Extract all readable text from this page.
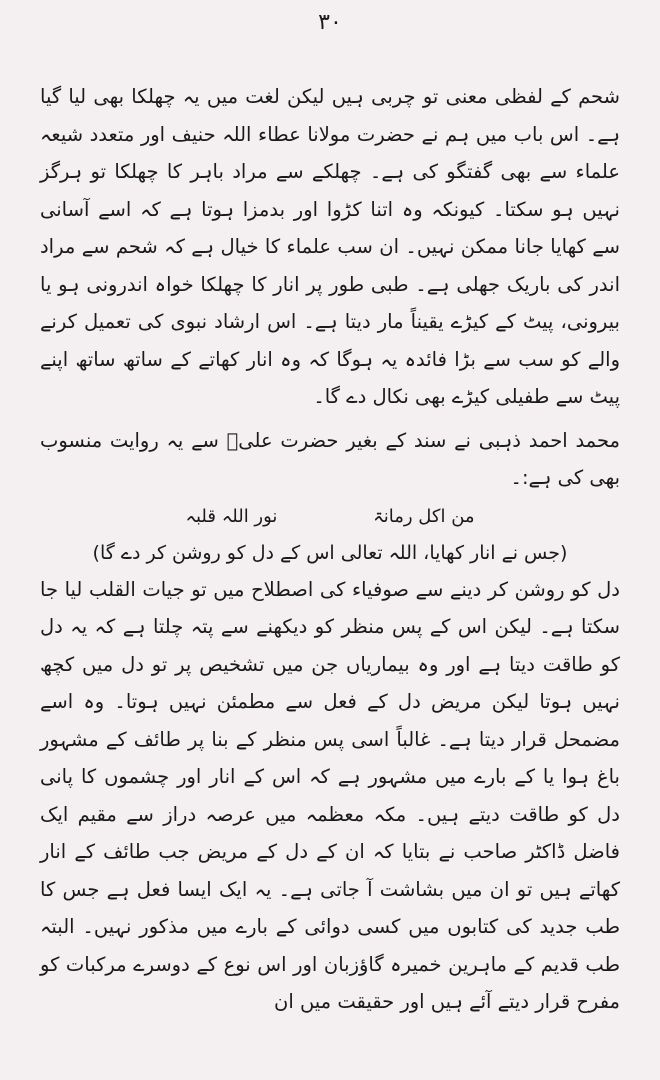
۳۰

شحم کے لفظی معنی تو چربی ہیں لیکن لغت میں یہ چھلکا بھی لیا گیا ہے۔ اس باب میں ہم نے حضرت مولانا عطاء اللہ حنیف اور متعدد شیعہ علماء سے بھی گفتگو کی ہے۔ چھلکے سے مراد باہر کا چھلکا تو ہرگز نہیں ہو سکتا۔ کیونکہ وہ اتنا کڑوا اور بدمزا ہوتا ہے کہ اسے آسانی سے کھایا جانا ممکن نہیں۔ ان سب علماء کا خیال ہے کہ شحم سے مراد اندر کی باریک جھلی ہے۔ طبی طور پر انار کا چھلکا خواہ اندرونی ہو یا بیرونی، پیٹ کے کیڑے یقیناً مار دیتا ہے۔ اس ارشاد نبوی کی تعمیل کرنے والے کو سب سے بڑا فائدہ یہ ہوگا کہ وہ انار کھاتے کے ساتھ ساتھ اپنے پیٹ سے طفیلی کیڑے بھی نکال دے گا۔

محمد احمد ذہبی نے سند کے بغیر حضرت علیؓ سے یہ روایت منسوب بھی کی ہے:۔

من اکل رمانۃ نور اللہ قلبہ

(جس نے انار کھایا، اللہ تعالی اس کے دل کو روشن کر دے گا)

دل کو روشن کر دینے سے صوفیاء کی اصطلاح میں تو جیات القلب لیا جا سکتا ہے۔ لیکن اس کے پس منظر کو دیکھنے سے پتہ چلتا ہے کہ یہ دل کو طاقت دیتا ہے اور وہ بیماریاں جن میں تشخیص پر تو دل میں کچھ نہیں ہوتا لیکن مریض دل کے فعل سے مطمئن نہیں ہوتا۔ وہ اسے مضمحل قرار دیتا ہے۔ غالباً اسی پس منظر کے بنا پر طائف کے مشہور باغ ہوا یا کے بارے میں مشہور ہے کہ اس کے انار اور چشموں کا پانی دل کو طاقت دیتے ہیں۔ مکہ معظمہ میں عرصہ دراز سے مقیم ایک فاضل ڈاکٹر صاحب نے بتایا کہ ان کے دل کے مریض جب طائف کے انار کھاتے ہیں تو ان میں بشاشت آ جاتی ہے۔ یہ ایک ایسا فعل ہے جس کا طب جدید کی کتابوں میں کسی دوائی کے بارے میں مذکور نہیں۔ البتہ طب قدیم کے ماہرین خمیرہ گاؤزبان اور اس نوع کے دوسرے مرکبات کو مفرح قرار دیتے آئے ہیں اور حقیقت میں ان
